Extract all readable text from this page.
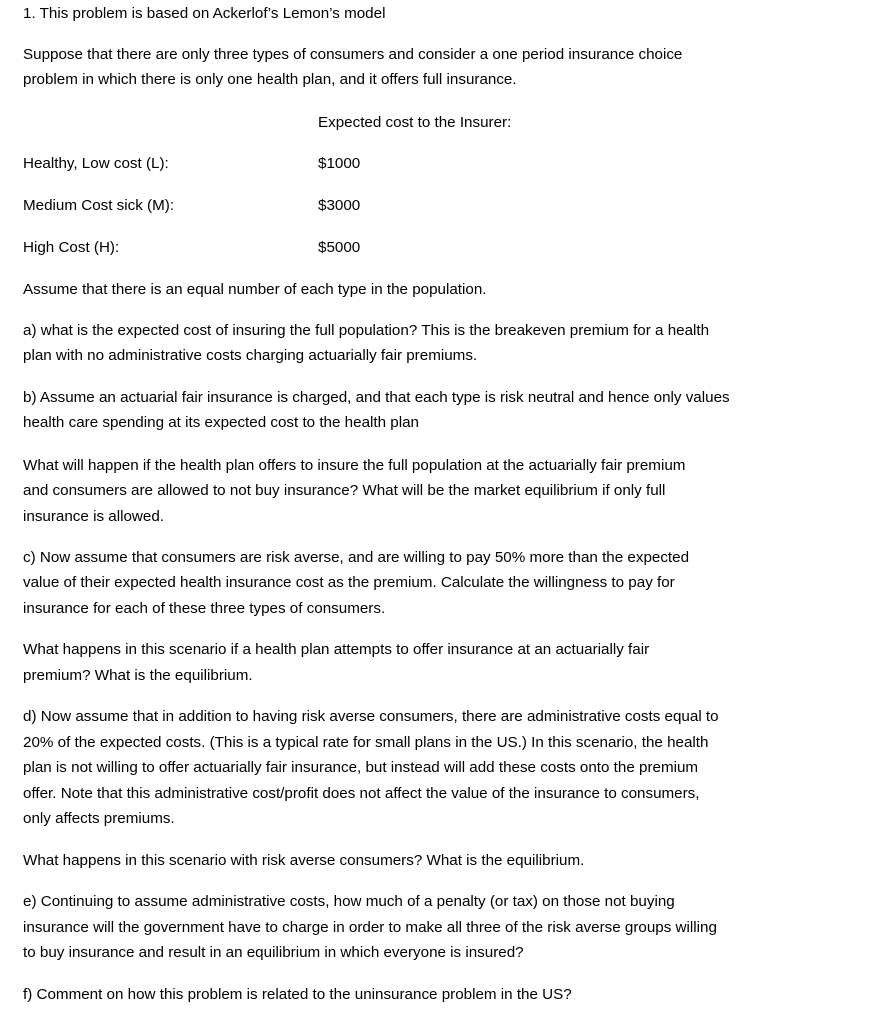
1. This problem is based on Ackerlof’s Lemon’s model
Suppose that there are only three types of consumers and consider a one period insurance choice
problem in which there is only one health plan, and it offers full insurance.
Expected cost to the Insurer:
Healthy, Low cost (L):	$1000
Medium Cost sick (M):	$3000
High Cost (H):	$5000
Assume that there is an equal number of each type in the population.
a) what is the expected cost of insuring the full population? This is the breakeven premium for a health
plan with no administrative costs charging actuarially fair premiums.
b) Assume an actuarial fair insurance is charged, and that each type is risk neutral and hence only values
health care spending at its expected cost to the health plan
What will happen if the health plan offers to insure the full population at the actuarially fair premium
and consumers are allowed to not buy insurance? What will be the market equilibrium if only full
insurance is allowed.
c) Now assume that consumers are risk averse, and are willing to pay 50% more than the expected
value of their expected health insurance cost as the premium. Calculate the willingness to pay for
insurance for each of these three types of consumers.
What happens in this scenario if a health plan attempts to offer insurance at an actuarially fair
premium? What is the equilibrium.
d) Now assume that in addition to having risk averse consumers, there are administrative costs equal to
20% of the expected costs. (This is a typical rate for small plans in the US.) In this scenario, the health
plan is not willing to offer actuarially fair insurance, but instead will add these costs onto the premium
offer. Note that this administrative cost/profit does not affect the value of the insurance to consumers,
only affects premiums.
What happens in this scenario with risk averse consumers? What is the equilibrium.
e) Continuing to assume administrative costs, how much of a penalty (or tax) on those not buying
insurance will the government have to charge in order to make all three of the risk averse groups willing
to buy insurance and result in an equilibrium in which everyone is insured?
f) Comment on how this problem is related to the uninsurance problem in the US?
